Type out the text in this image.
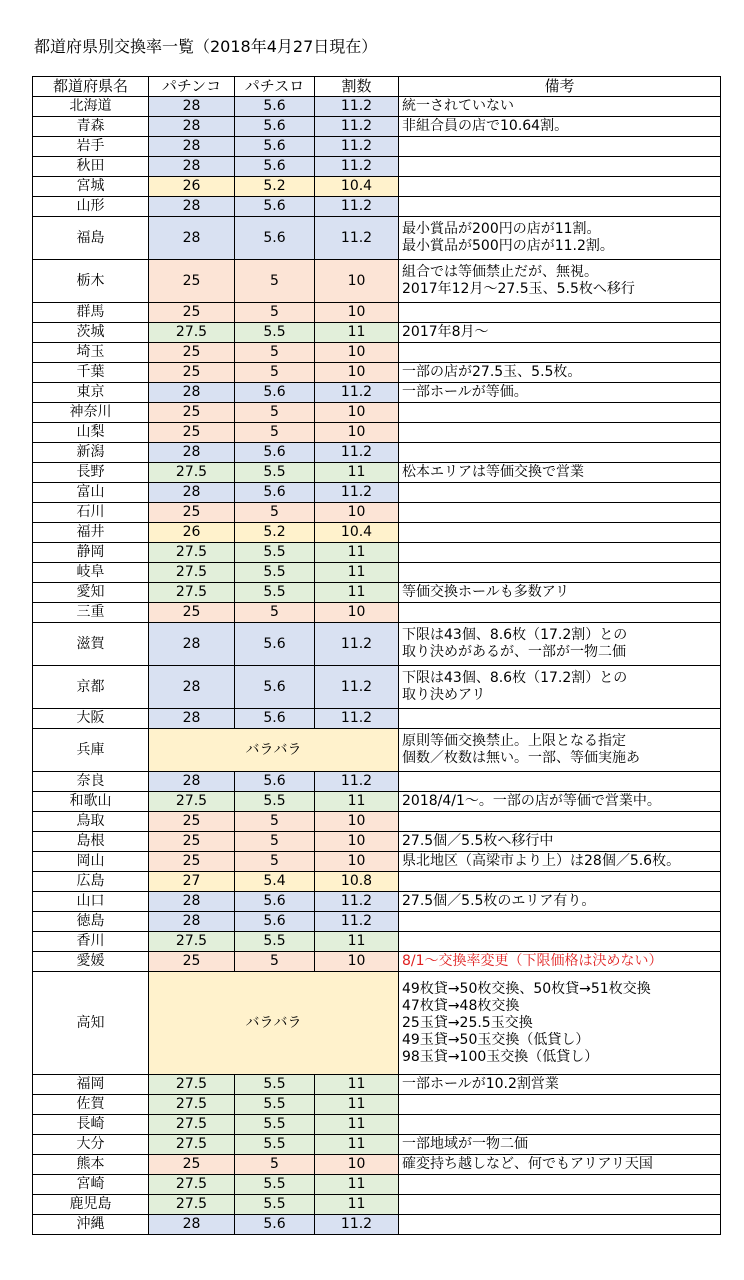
都道府県別交換率一覧（2018年4月27日現在）
都道府県名	パチンコ	パチスロ	割数	備考
北海道	28	5.6	11.2	統一されていない

青森	28	5.6	11.2	非組合員の店で10.64割。

岩手	28	5.6	11.2	
秋田	28	5.6	11.2	
宮城	26	5.2	10.4	
山形	28	5.6	11.2	
福島	28	5.6	11.2	最小賞品が200円の店が11割。
最小賞品が500円の店が11.2割。

栃木	25	5	10	組合では等価禁止だが、無視。
2017年12月～27.5玉、5.5枚へ移行

群馬	25	5	10	
茨城	27.5	5.5	11	2017年8月～

埼玉	25	5	10	
千葉	25	5	10	一部の店が27.5玉、5.5枚。

東京	28	5.6	11.2	一部ホールが等価。

神奈川	25	5	10	
山梨	25	5	10	
新潟	28	5.6	11.2	
長野	27.5	5.5	11	松本エリアは等価交換で営業

富山	28	5.6	11.2	
石川	25	5	10	
福井	26	5.2	10.4	
静岡	27.5	5.5	11	
岐阜	27.5	5.5	11	
愛知	27.5	5.5	11	等価交換ホールも多数アリ

三重	25	5	10	
滋賀	28	5.6	11.2	下限は43個、8.6枚（17.2割）との
取り決めがあるが、一部が一物二価

京都	28	5.6	11.2	下限は43個、8.6枚（17.2割）との
取り決めアリ

大阪	28	5.6	11.2	
兵庫	バラバラ			原則等価交換禁止。上限となる指定
個数／枚数は無い。一部、等価実施あ

奈良	28	5.6	11.2	
和歌山	27.5	5.5	11	2018/4/1～。一部の店が等価で営業中。

鳥取	25	5	10	
島根	25	5	10	27.5個／5.5枚へ移行中

岡山	25	5	10	県北地区（高梁市より上）は28個／5.6枚。

広島	27	5.4	10.8	
山口	28	5.6	11.2	27.5個／5.5枚のエリア有り。

徳島	28	5.6	11.2	
香川	27.5	5.5	11	
愛媛	25	5	10	8/1～交換率変更（下限価格は決めない）

高知	バラバラ			49枚貸→50枚交換、50枚貸→51枚交換
47枚貸→48枚交換
25玉貸→25.5玉交換
49玉貸→50玉交換（低貸し）
98玉貸→100玉交換（低貸し）

福岡	27.5	5.5	11	一部ホールが10.2割営業

佐賀	27.5	5.5	11	
長崎	27.5	5.5	11	
大分	27.5	5.5	11	一部地域が一物二価

熊本	25	5	10	確変持ち越しなど、何でもアリアリ天国

宮崎	27.5	5.5	11	
鹿児島	27.5	5.5	11	
沖縄	28	5.6	11.2	
